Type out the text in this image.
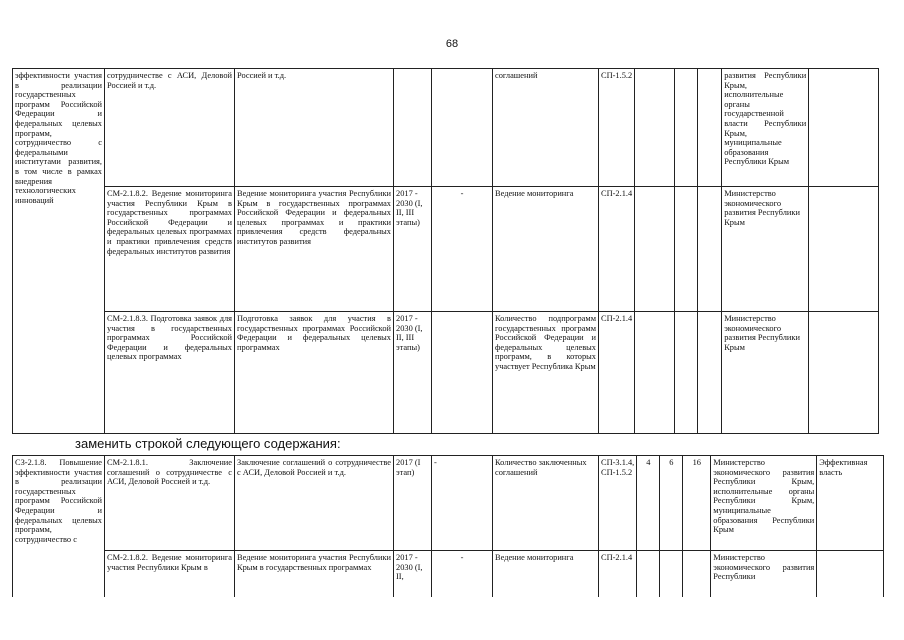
68
эффективности участия в реализации государственных программ Российской Федерации и федеральных целевых программ, сотрудничество с федеральными институтами развития, в том числе в рамках внедрения технологических инноваций	сотрудничестве с АСИ, Деловой Россией и т.д.	Россией и т.д.			соглашений	СП-1.5.2				развития Республики Крым, исполнительные органы государственной власти Республики Крым, муниципальные образования Республики Крым	
	СМ-2.1.8.2. Ведение мониторинга участия Республики Крым в государственных программах Российской Федерации и федеральных целевых программах и практики привлечения средств федеральных институтов развития	Ведение мониторинга участия Республики Крым в государственных программах Российской Федерации и федеральных целевых программах и практики привлечения средств федеральных институтов развития	2017 - 2030 (I, II, III этапы)	-	Ведение мониторинга	СП-2.1.4				Министерство экономического развития Республики Крым	
	СМ-2.1.8.3. Подготовка заявок для участия в государственных программах Российской Федерации и федеральных целевых программах	Подготовка заявок для участия в государственных программах Российской Федерации и федеральных целевых программах	2017 - 2030 (I, II, III этапы)		Количество подпрограмм государственных программ Российской Федерации и федеральных целевых программ, в которых участвует Республика Крым	СП-2.1.4				Министерство экономического развития Республики Крым	
заменить строкой следующего содержания:
СЗ-2.1.8. Повышение эффективности участия в реализации государственных программ Российской Федерации и федеральных целевых программ, сотрудничество с	СМ-2.1.8.1. Заключение соглашений о сотрудничестве с АСИ, Деловой Россией и т.д.	Заключение соглашений о сотрудничестве с АСИ, Деловой Россией и т.д.	2017 (I этап)	-	Количество заключенных соглашений	СП-3.1.4, СП-1.5.2	4	6	16	Министерство экономического развития Республики Крым, исполнительные органы Республики Крым, муниципальные образования Республики Крым	Эффективная власть
	СМ-2.1.8.2. Ведение мониторинга участия Республики Крым в	Ведение мониторинга участия Республики Крым в государственных программах	2017 - 2030 (I, II,	-	Ведение мониторинга	СП-2.1.4				Министерство экономического развития Республики	
